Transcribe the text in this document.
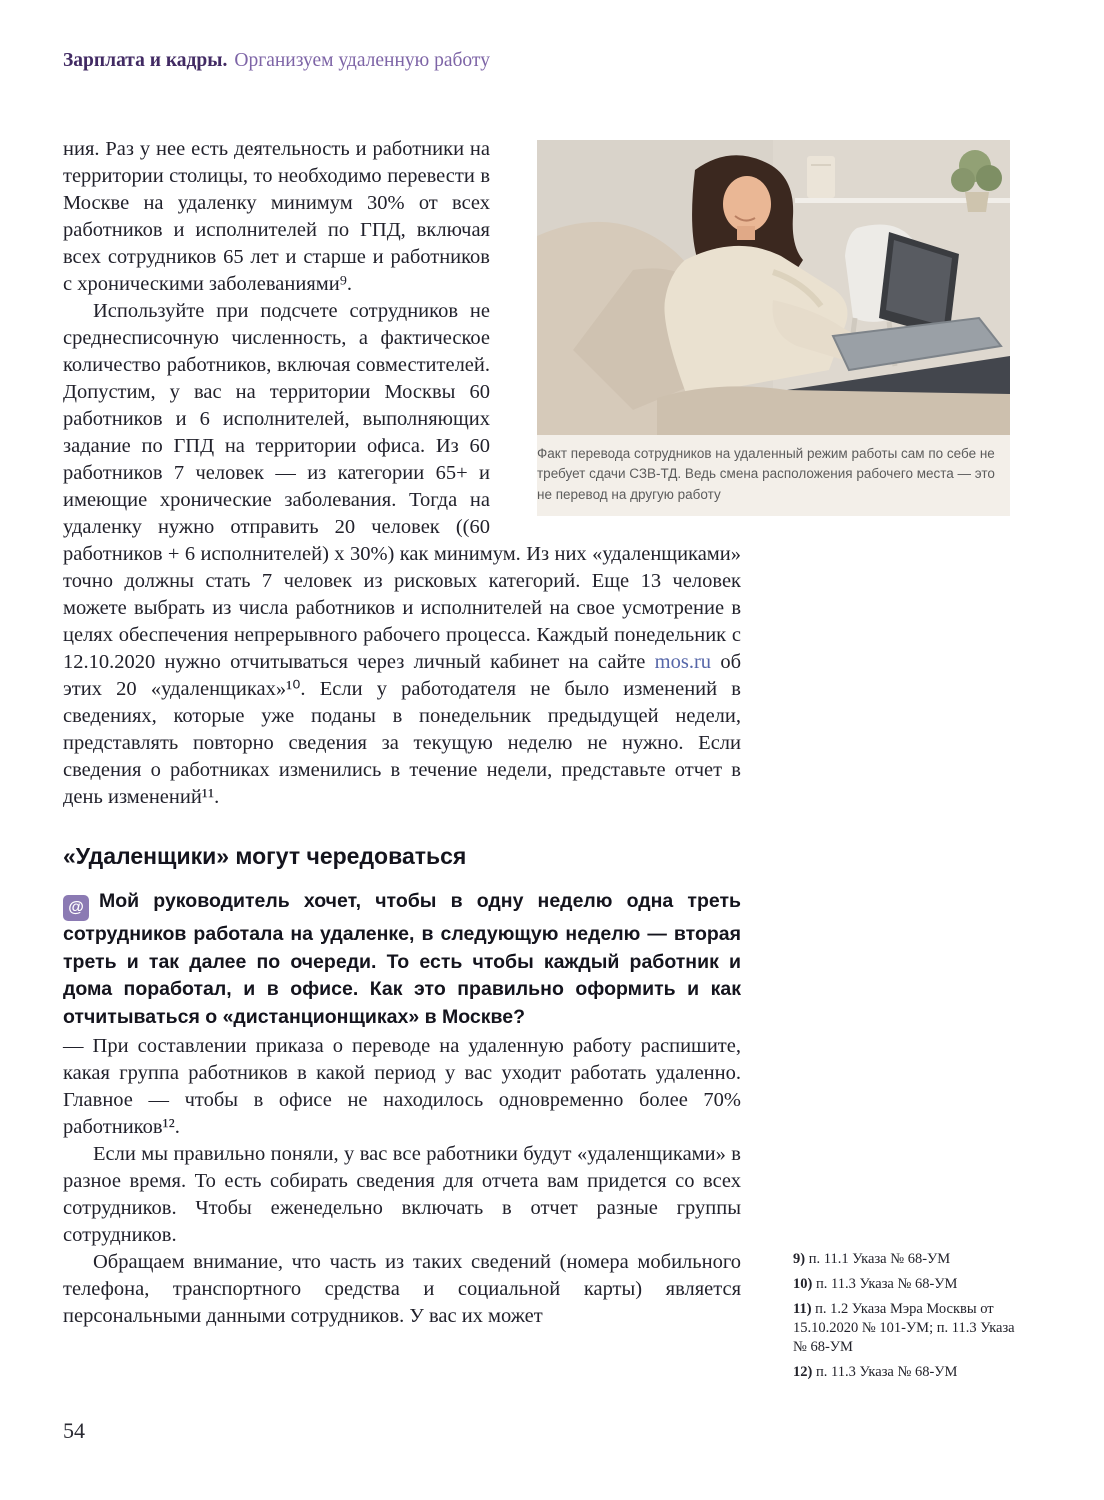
Зарплата и кадры. Организуем удаленную работу
Факт перевода сотрудников на удаленный режим работы сам по себе не требует сдачи СЗВ-ТД. Ведь смена расположения рабочего места — это не перевод на другую работу

ния. Раз у нее есть деятельность и работники на территории столицы, то необходимо перевести в Москве на удаленку минимум 30% от всех работников и исполнителей по ГПД, включая всех сотрудников 65 лет и старше и работников с хроническими заболеваниями⁹.

Используйте при подсчете сотрудников не среднесписочную численность, а фактическое количество работников, включая совместителей. Допустим, у вас на территории Москвы 60 работников и 6 исполнителей, выполняющих задание по ГПД на территории офиса. Из 60 работников 7 человек — из категории 65+ и имеющие хронические заболевания. Тогда на удаленку нужно отправить 20 человек ((60 работников + 6 исполнителей) х 30%) как минимум. Из них «удаленщиками» точно должны стать 7 человек из рисковых категорий. Еще 13 человек можете выбрать из числа работников и исполнителей на свое усмотрение в целях обеспечения непрерывного рабочего процесса. Каждый понедельник с 12.10.2020 нужно отчитываться через личный кабинет на сайте mos.ru об этих 20 «удаленщиках»¹⁰. Если у работодателя не было изменений в сведениях, которые уже поданы в понедельник предыдущей недели, представлять повторно сведения за текущую неделю не нужно. Если сведения о работниках изменились в течение недели, представьте отчет в день изменений¹¹.

«Удаленщики» могут чередоваться

@ Мой руководитель хочет, чтобы в одну неделю одна треть сотрудников работала на удаленке, в следующую неделю — вторая треть и так далее по очереди. То есть чтобы каждый работник и дома поработал, и в офисе. Как это правильно оформить и как отчитываться о «дистанционщиках» в Москве?

— При составлении приказа о переводе на удаленную работу распишите, какая группа работников в какой период у вас уходит работать удаленно. Главное — чтобы в офисе не находилось одновременно более 70% работников¹².

Если мы правильно поняли, у вас все работники будут «удаленщиками» в разное время. То есть собирать сведения для отчета вам придется со всех сотрудников. Чтобы еженедельно включать в отчет разные группы сотрудников.

Обращаем внимание, что часть из таких сведений (номера мобильного телефона, транспортного средства и социальной карты) является персональными данными сотрудников. У вас их может

9) п. 11.1 Указа № 68-УМ

10) п. 11.3 Указа № 68-УМ

11) п. 1.2 Указа Мэра Москвы от 15.10.2020 № 101-УМ; п. 11.3 Указа № 68-УМ

12) п. 11.3 Указа № 68-УМ

54
